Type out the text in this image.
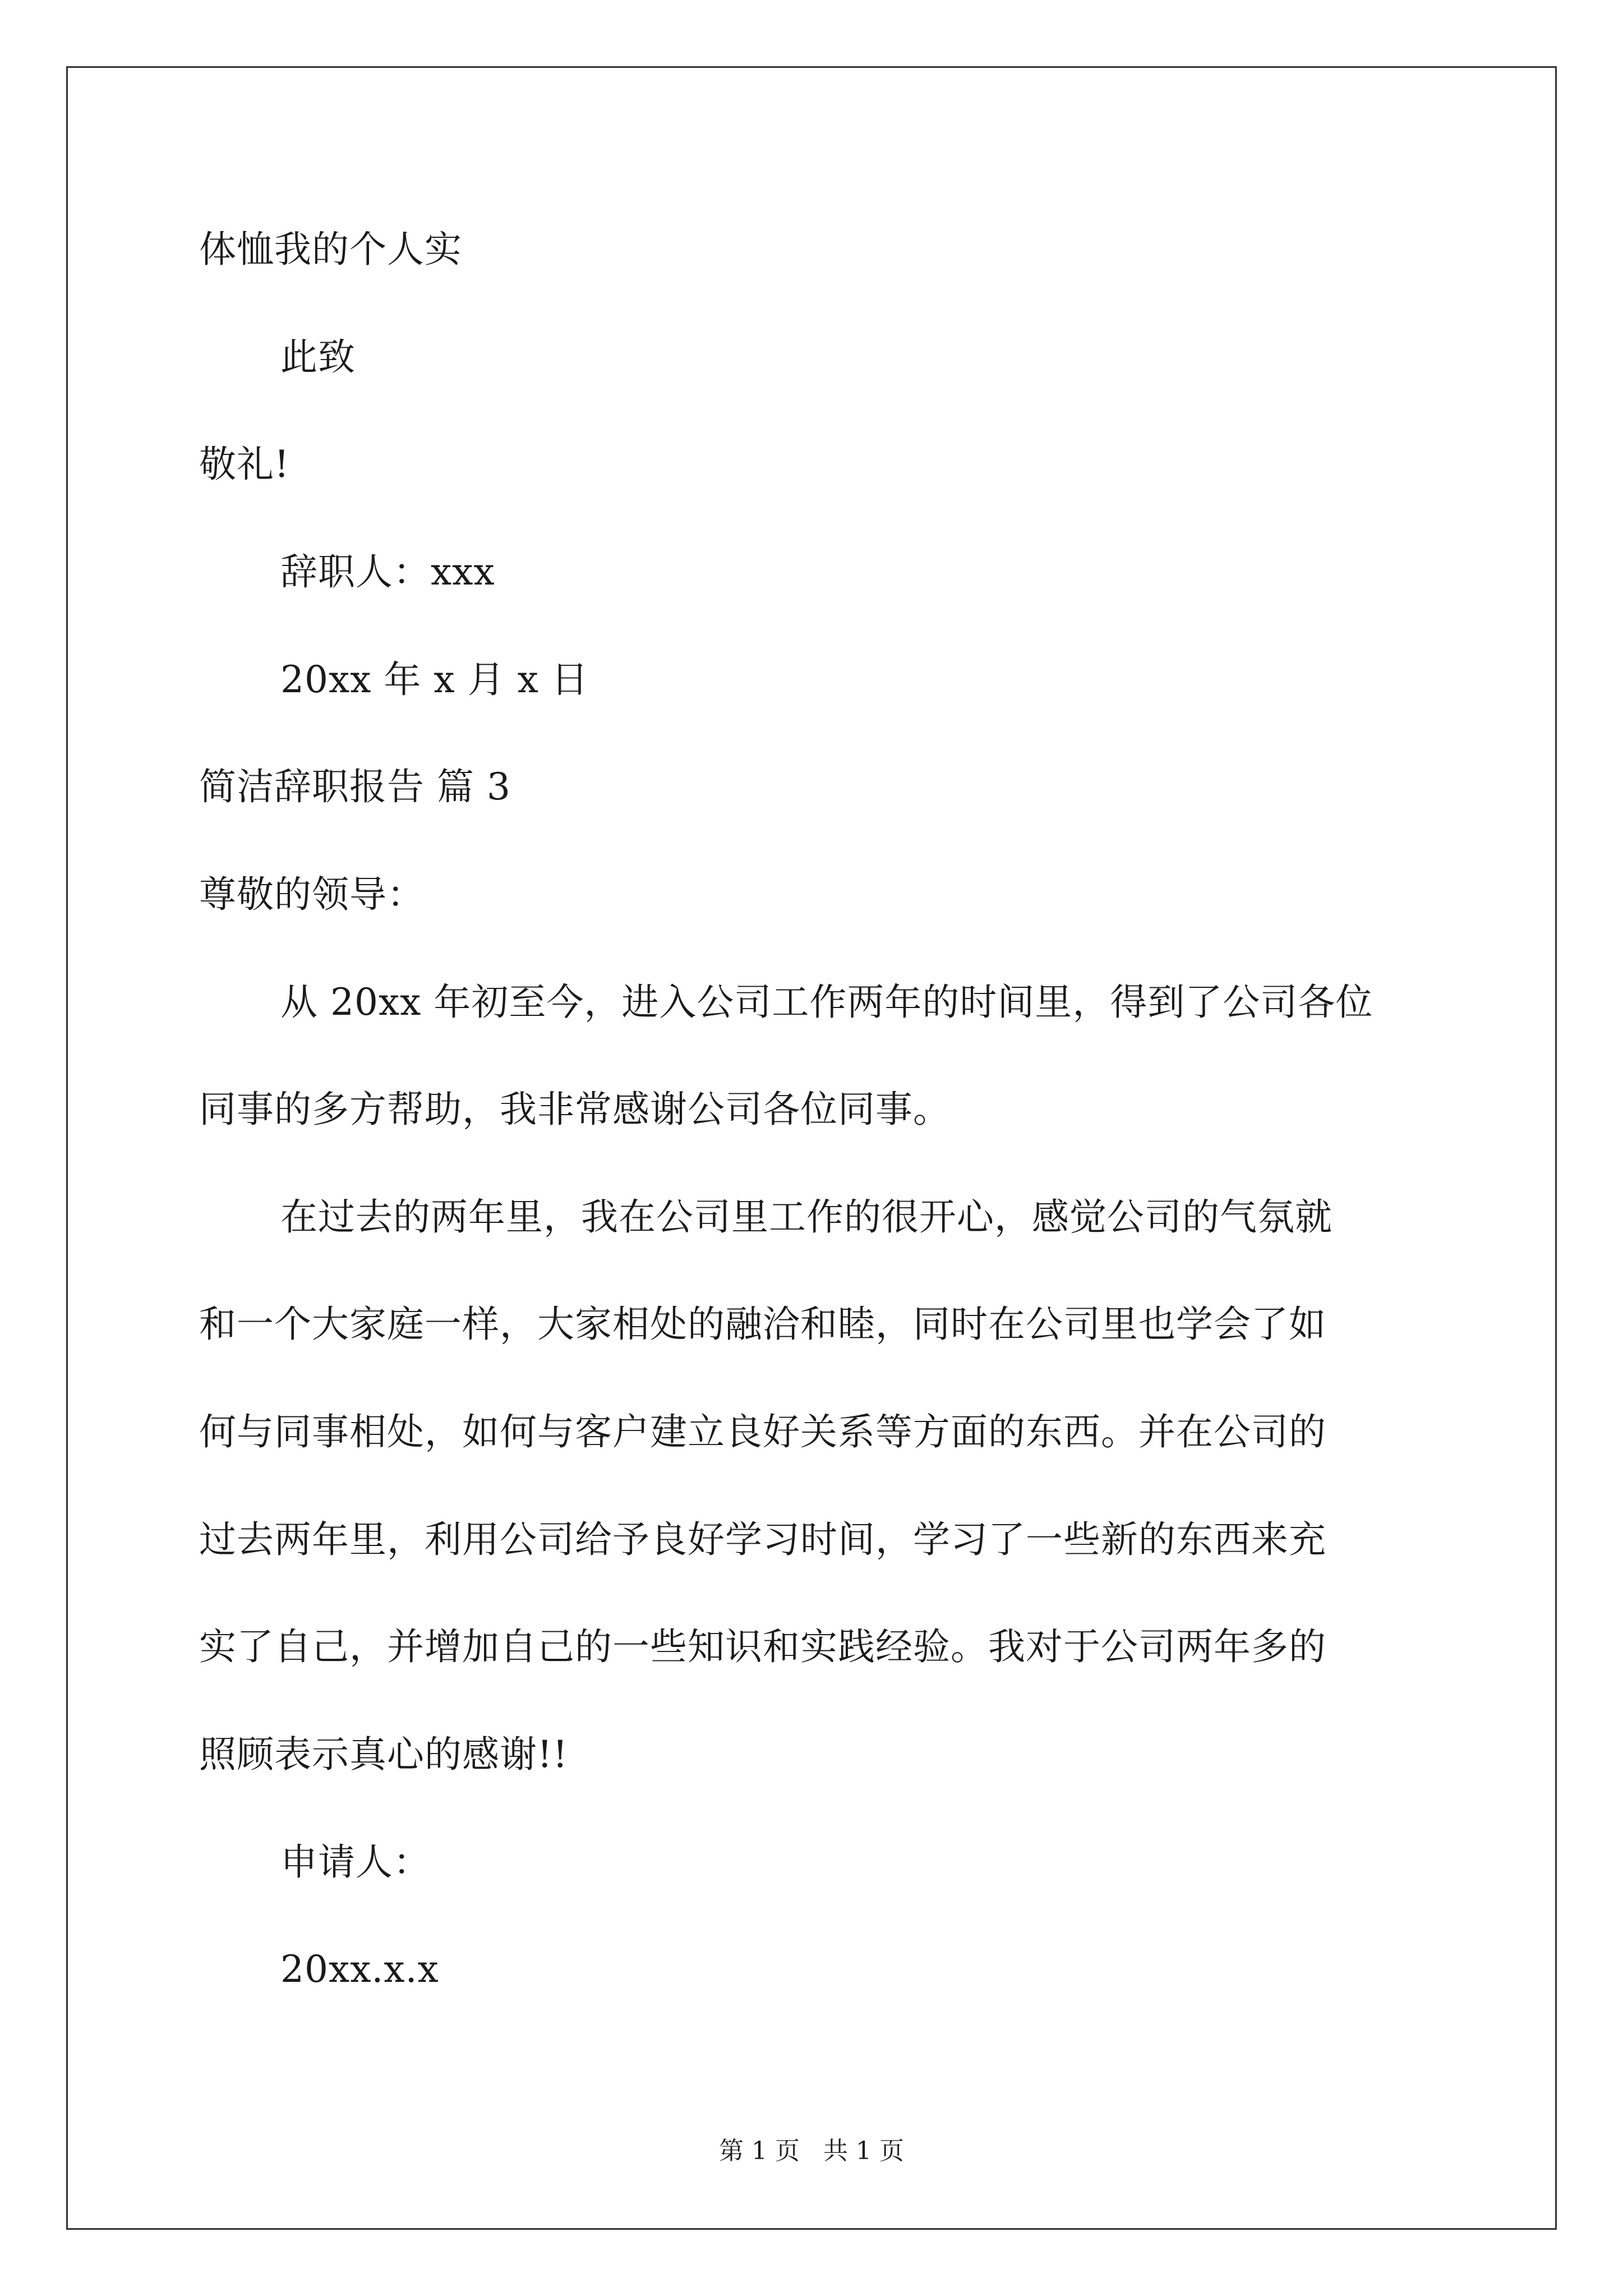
体恤我的个人实
此致
敬礼!
辞职人：xxx
20xx 年 x 月 x 日
简洁辞职报告 篇 3
尊敬的领导：
从 20xx 年初至今，进入公司工作两年的时间里，得到了公司各位
同事的多方帮助，我非常感谢公司各位同事。
在过去的两年里，我在公司里工作的很开心，感觉公司的气氛就
和一个大家庭一样，大家相处的融洽和睦，同时在公司里也学会了如
何与同事相处，如何与客户建立良好关系等方面的东西。并在公司的
过去两年里，利用公司给予良好学习时间，学习了一些新的东西来充
实了自己，并增加自己的一些知识和实践经验。我对于公司两年多的
照顾表示真心的感谢!!
申请人：
20xx.x.x
第 1 页   共 1 页
